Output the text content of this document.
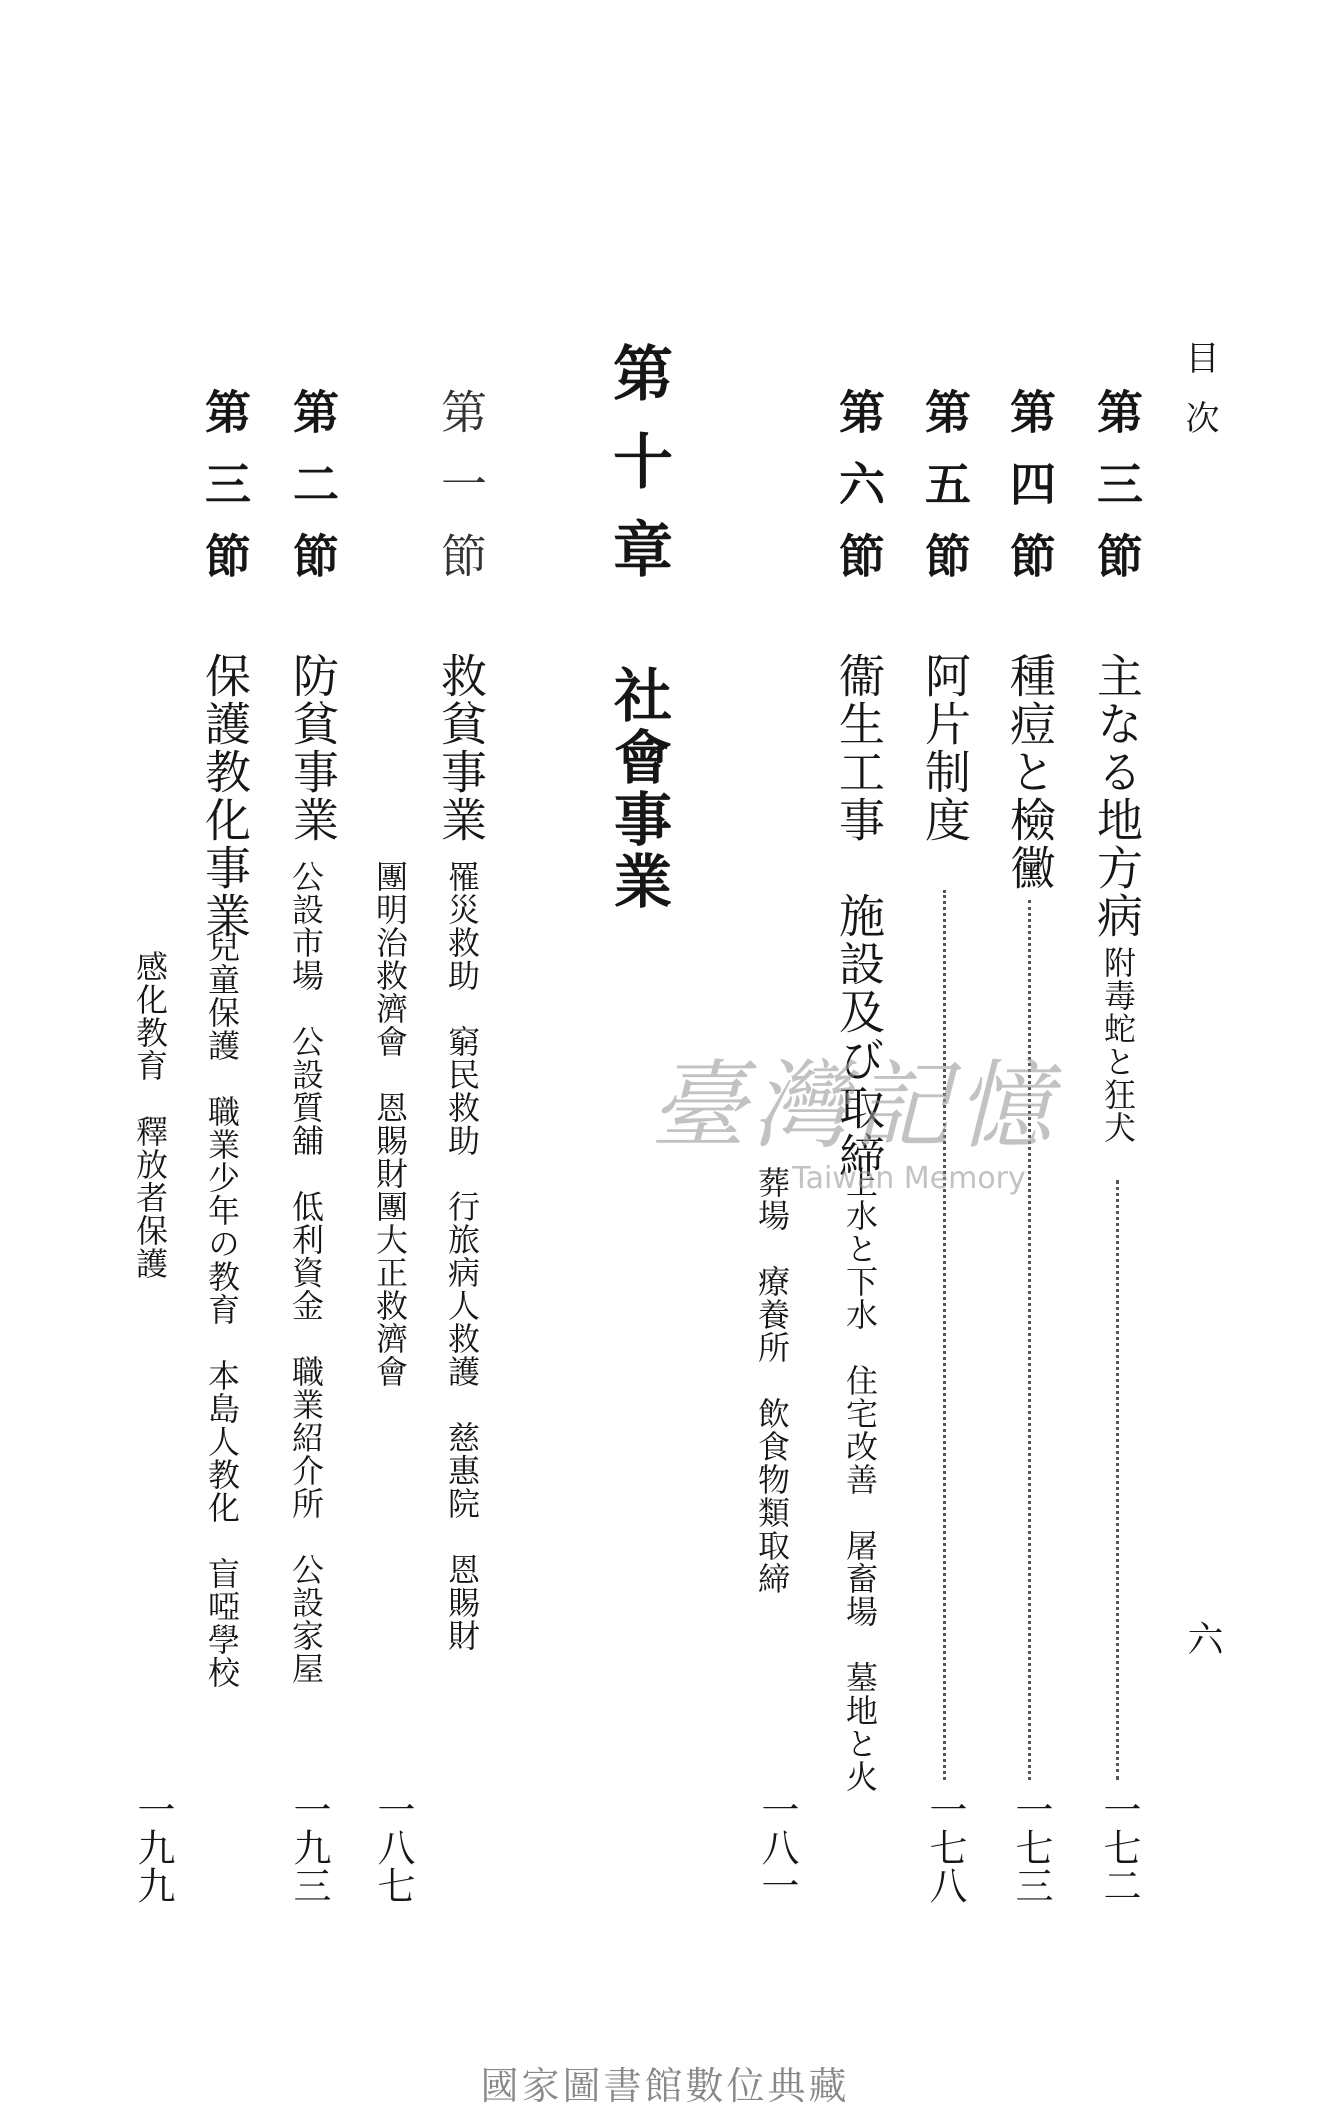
目次
六
第三節
主なる地方病
附毒蛇と狂犬
一七二
第四節
種痘と檢黴
一七三
第五節
阿片制度
一七八
第六節
衞生工事　施設及び取締
上水と下水　住宅改善　屠畜場　墓地と火
葬場　療養所　飲食物類取締
一八一
第十章
社會事業
第一節
救貧事業
罹災救助　窮民救助　行旅病人救護　慈惠院　恩賜財
團明治救濟會　恩賜財團大正救濟會
一八七
第二節
防貧事業
公設市場　公設質舖　低利資金　職業紹介所　公設家屋
一九三
第三節
保護教化事業
兒童保護　職業少年の教育　本島人教化　盲啞學校
感化教育　釋放者保護
一九九
臺灣記憶
Taiwan Memory
國家圖書館數位典藏
